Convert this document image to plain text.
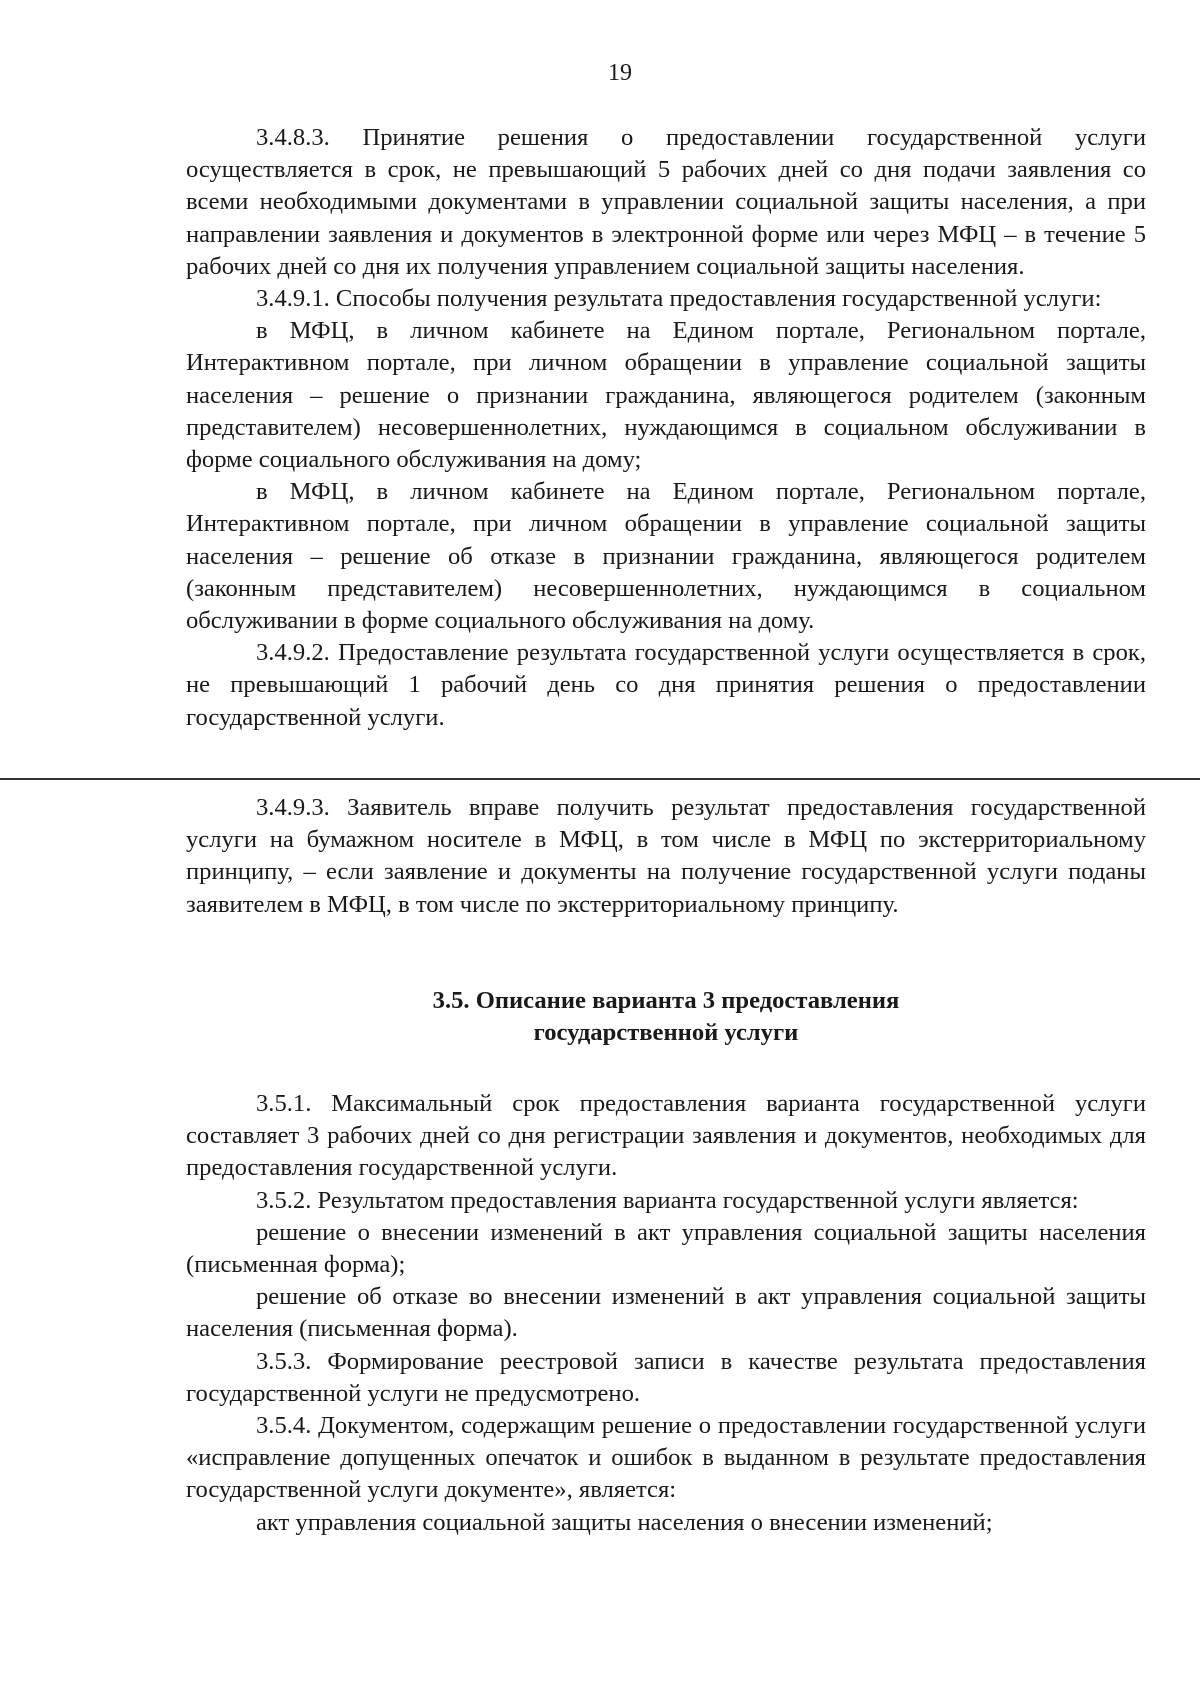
19

3.4.8.3. Принятие решения о предоставлении государственной услуги осуществляется в срок, не превышающий 5 рабочих дней со дня подачи заявления со всеми необходимыми документами в управлении социальной защиты населения, а при направлении заявления и документов в электронной форме или через МФЦ – в течение 5 рабочих дней со дня их получения управлением социальной защиты населения.

3.4.9.1. Способы получения результата предоставления государственной услуги:

в МФЦ, в личном кабинете на Едином портале, Региональном портале, Интерактивном портале, при личном обращении в управление социальной защиты населения – решение о признании гражданина, являющегося родителем (законным представителем) несовершеннолетних, нуждающимся в социальном обслуживании в форме социального обслуживания на дому;

в МФЦ, в личном кабинете на Едином портале, Региональном портале, Интерактивном портале, при личном обращении в управление социальной защиты населения – решение об отказе в признании гражданина, являющегося родителем (законным представителем) несовершеннолетних, нуждающимся в социальном обслуживании в форме социального обслуживания на дому.

3.4.9.2. Предоставление результата государственной услуги осуществляется в срок, не превышающий 1 рабочий день со дня принятия решения о предоставлении государственной услуги.

3.4.9.3. Заявитель вправе получить результат предоставления государственной услуги на бумажном носителе в МФЦ, в том числе в МФЦ по экстерриториальному принципу, – если заявление и документы на получение государственной услуги поданы заявителем в МФЦ, в том числе по экстерриториальному принципу.

3.5. Описание варианта 3 предоставления
государственной услуги

3.5.1. Максимальный срок предоставления варианта государственной услуги составляет 3 рабочих дней со дня регистрации заявления и документов, необходимых для предоставления государственной услуги.

3.5.2. Результатом предоставления варианта государственной услуги является:

решение о внесении изменений в акт управления социальной защиты населения (письменная форма);

решение об отказе во внесении изменений в акт управления социальной защиты населения (письменная форма).

3.5.3. Формирование реестровой записи в качестве результата предоставления государственной услуги не предусмотрено.

3.5.4. Документом, содержащим решение о предоставлении государственной услуги «исправление допущенных опечаток и ошибок в выданном в результате предоставления государственной услуги документе», является:

акт управления социальной защиты населения о внесении изменений;
